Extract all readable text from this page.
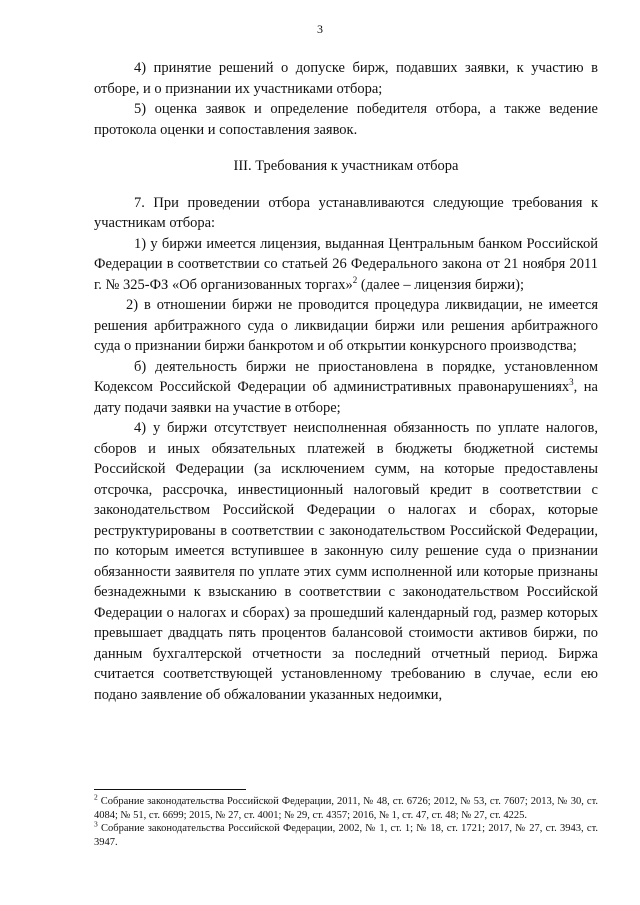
3

4) принятие решений о допуске бирж, подавших заявки, к участию в отборе, и о признании их участниками отбора;

5) оценка заявок и определение победителя отбора, а также ведение протокола оценки и сопоставления заявок.

III. Требования к участникам отбора

7. При проведении отбора устанавливаются следующие требования к участникам отбора:

1) у биржи имеется лицензия, выданная Центральным банком Российской Федерации в соответствии со статьей 26 Федерального закона от 21 ноября 2011 г. № 325-ФЗ «Об организованных торгах»$^2$ (далее – лицензия биржи);

2) в отношении биржи не проводится процедура ликвидации, не имеется решения арбитражного суда о ликвидации биржи или решения арбитражного суда о признании биржи банкротом и об открытии конкурсного производства;

б) деятельность биржи не приостановлена в порядке, установленном Кодексом Российской Федерации об административных правонарушениях$^3$, на дату подачи заявки на участие в отборе;

4) у биржи отсутствует неисполненная обязанность по уплате налогов, сборов и иных обязательных платежей в бюджеты бюджетной системы Российской Федерации (за исключением сумм, на которые предоставлены отсрочка, рассрочка, инвестиционный налоговый кредит в соответствии с законодательством Российской Федерации о налогах и сборах, которые реструктурированы в соответствии с законодательством Российской Федерации, по которым имеется вступившее в законную силу решение суда о признании обязанности заявителя по уплате этих сумм исполненной или которые признаны безнадежными к взысканию в соответствии с законодательством Российской Федерации о налогах и сборах) за прошедший календарный год, размер которых превышает двадцать пять процентов балансовой стоимости активов биржи, по данным бухгалтерской отчетности за последний отчетный период. Биржа считается соответствующей установленному требованию в случае, если ею подано заявление об обжаловании указанных недоимки,

$^2$ Собрание законодательства Российской Федерации, 2011, № 48, ст. 6726; 2012, № 53, ст. 7607; 2013, № 30, ст. 4084; № 51, ст. 6699; 2015, № 27, ст. 4001; № 29, ст. 4357; 2016, № 1, ст. 47, ст. 48; № 27, ст. 4225.

$^3$ Собрание законодательства Российской Федерации, 2002, № 1, ст. 1; № 18, ст. 1721; 2017, № 27, ст. 3943, ст. 3947.
